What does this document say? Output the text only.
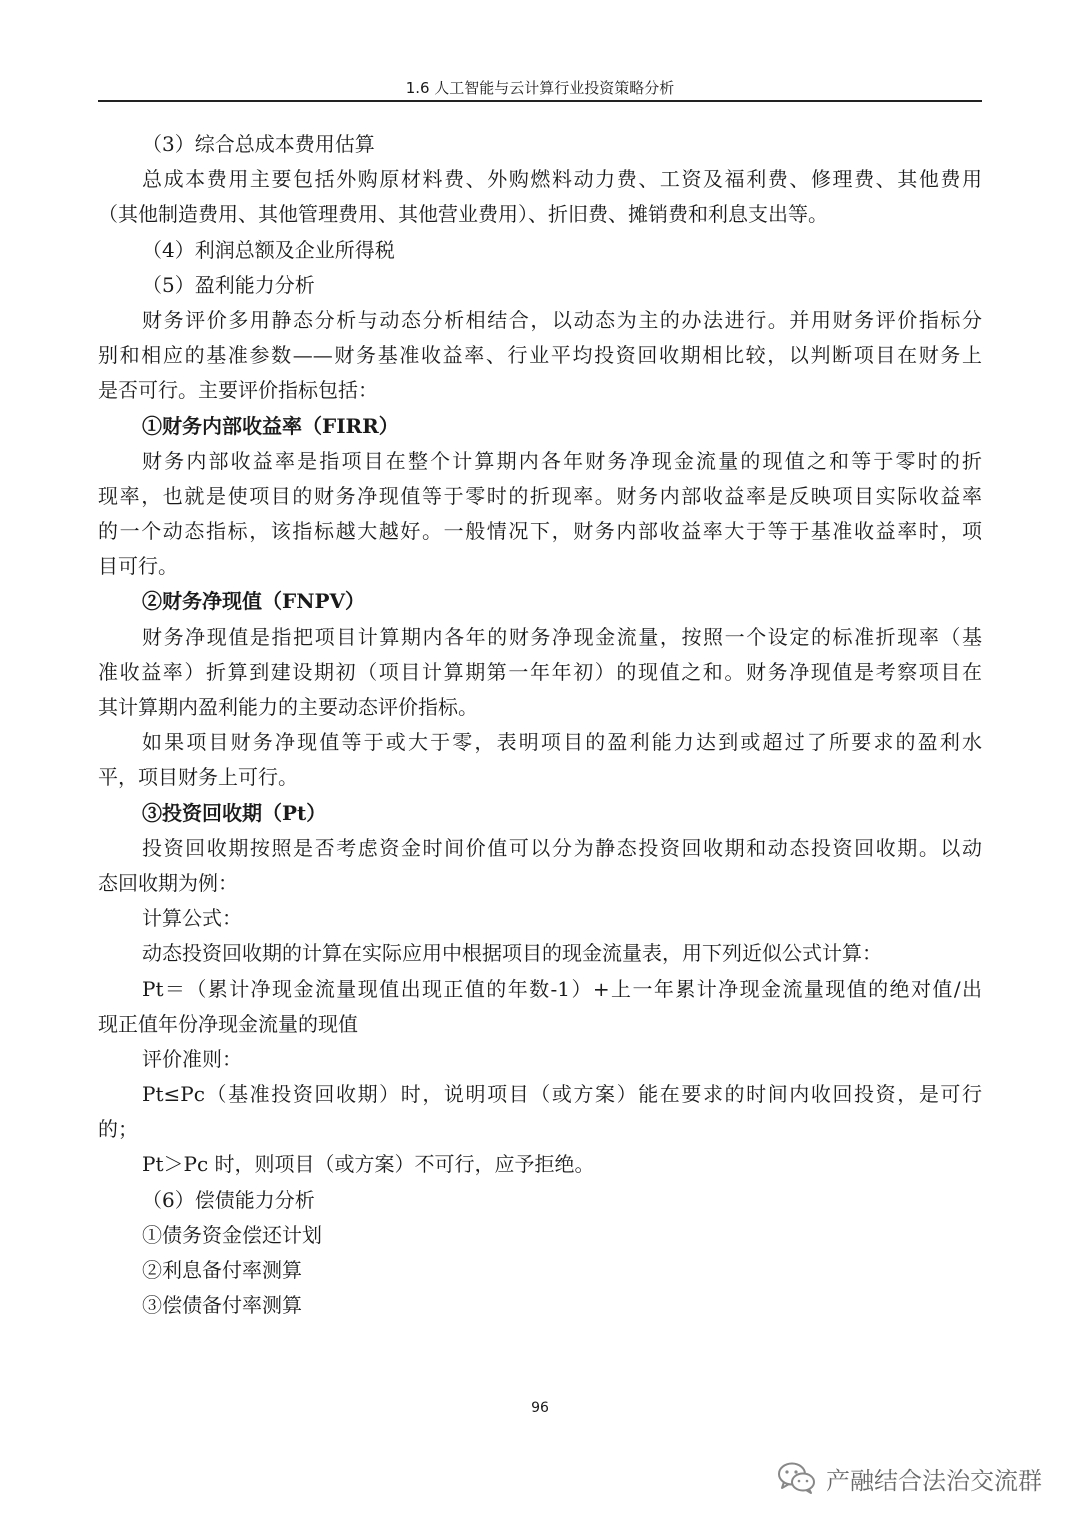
1.6 人工智能与云计算行业投资策略分析
（3）综合总成本费用估算
总成本费用主要包括外购原材料费、外购燃料动力费、工资及福利费、修理费、其他费用
（其他制造费用、其他管理费用、其他营业费用）、折旧费、摊销费和利息支出等。
（4）利润总额及企业所得税
（5）盈利能力分析
财务评价多用静态分析与动态分析相结合，以动态为主的办法进行。并用财务评价指标分
别和相应的基准参数——财务基准收益率、行业平均投资回收期相比较，以判断项目在财务上
是否可行。主要评价指标包括：
①财务内部收益率（FIRR）
财务内部收益率是指项目在整个计算期内各年财务净现金流量的现值之和等于零时的折
现率，也就是使项目的财务净现值等于零时的折现率。财务内部收益率是反映项目实际收益率
的一个动态指标，该指标越大越好。一般情况下，财务内部收益率大于等于基准收益率时，项
目可行。
②财务净现值（FNPV）
财务净现值是指把项目计算期内各年的财务净现金流量，按照一个设定的标准折现率（基
准收益率）折算到建设期初（项目计算期第一年年初）的现值之和。财务净现值是考察项目在
其计算期内盈利能力的主要动态评价指标。
如果项目财务净现值等于或大于零，表明项目的盈利能力达到或超过了所要求的盈利水
平，项目财务上可行。
③投资回收期（Pt）
投资回收期按照是否考虑资金时间价值可以分为静态投资回收期和动态投资回收期。以动
态回收期为例：
计算公式：
动态投资回收期的计算在实际应用中根据项目的现金流量表，用下列近似公式计算：
Pt＝（累计净现金流量现值出现正值的年数-1）+上一年累计净现金流量现值的绝对值/出
现正值年份净现金流量的现值
评价准则：
Pt≤Pc（基准投资回收期）时，说明项目（或方案）能在要求的时间内收回投资，是可行
的；
Pt＞Pc 时，则项目（或方案）不可行，应予拒绝。
（6）偿债能力分析
①债务资金偿还计划
②利息备付率测算
③偿债备付率测算
96
产融结合法治交流群
